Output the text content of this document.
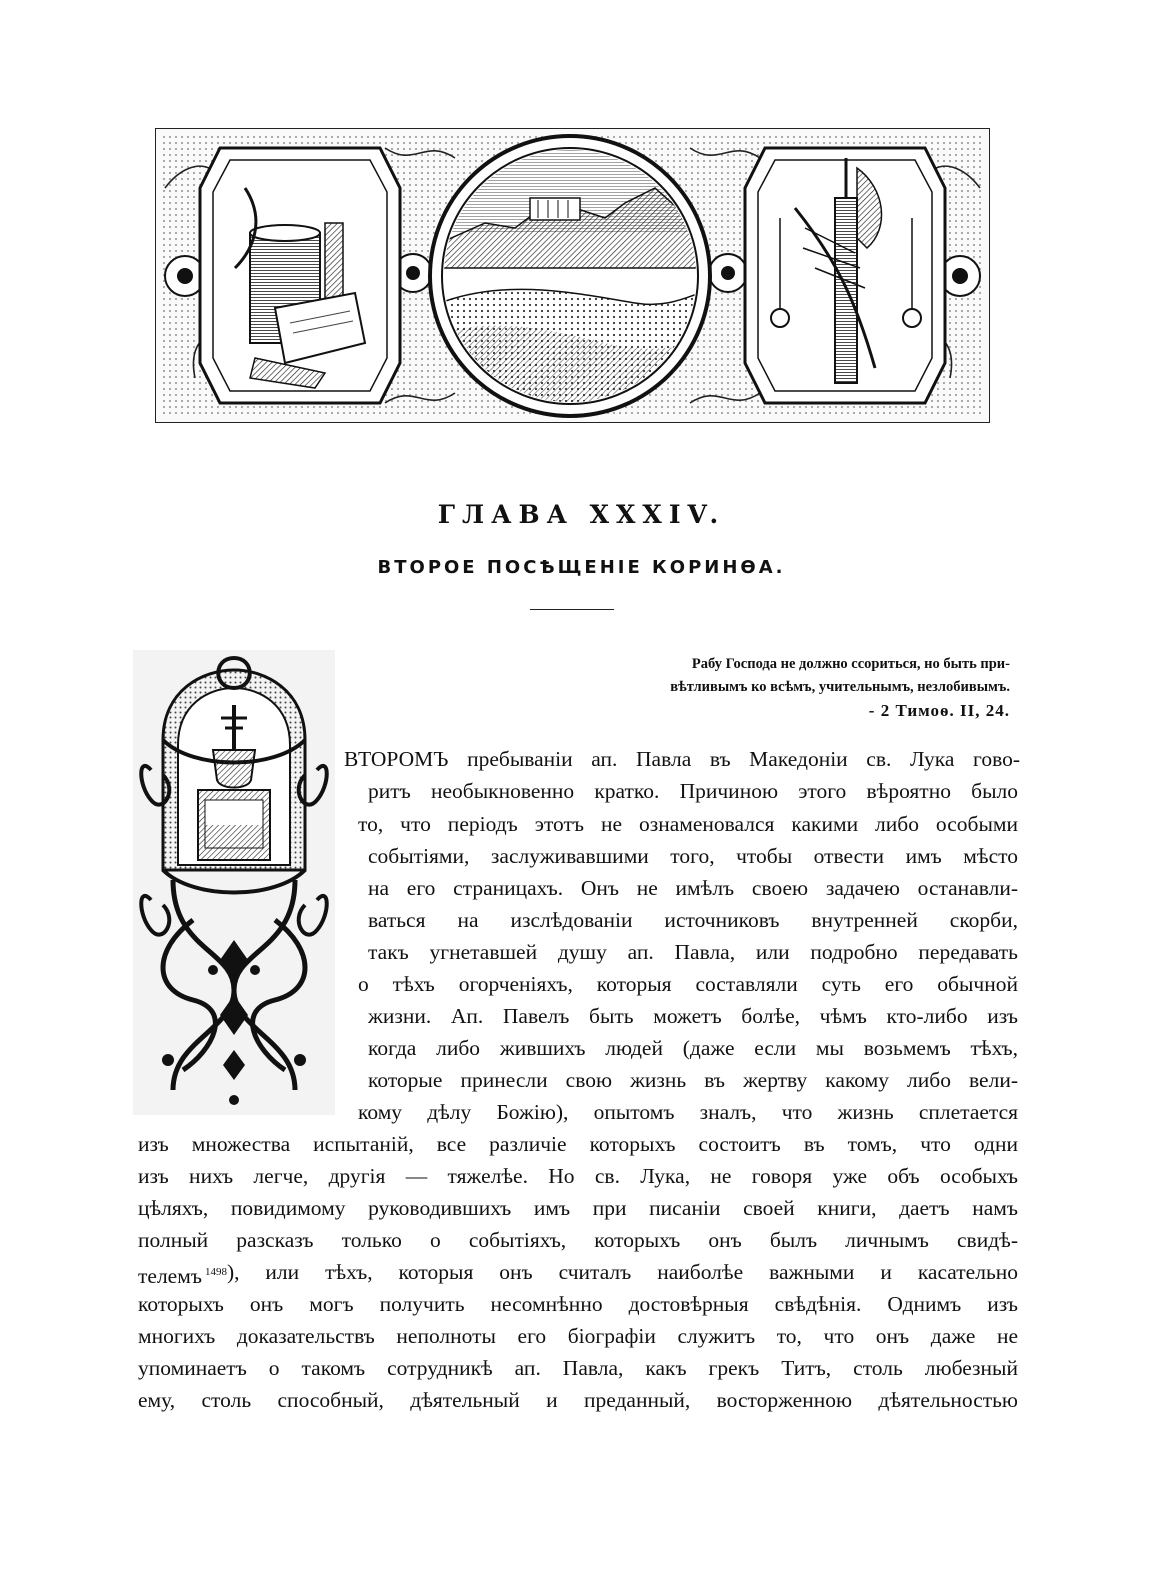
ГЛАВА XXXIV.
ВТОРОЕ ПОСѢЩЕНІЕ КОРИНѲА.
Рабу Господа не должно ссориться, но быть при-
вѣтливымъ ко всѣмъ, учительнымъ, незлобивымъ.
- 2 Тимоѳ. II, 24.
ВТОРОМЪ пребываніи ап. Павла въ Македоніи св. Лука гово-
ритъ необыкновенно кратко. Причиною этого вѣроятно было
то, что періодъ этотъ не ознаменовался какими либо особыми
событіями, заслуживавшими того, чтобы отвести имъ мѣсто
на его страницахъ. Онъ не имѣлъ своею задачею останавли-
ваться на изслѣдованіи источниковъ внутренней скорби,
такъ угнетавшей душу ап. Павла, или подробно передавать
о тѣхъ огорченіяхъ, которыя составляли суть его обычной
жизни. Ап. Павелъ быть можетъ болѣе, чѣмъ кто-либо изъ
когда либо жившихъ людей (даже если мы возьмемъ тѣхъ,
которые принесли свою жизнь въ жертву какому либо вели-
кому дѣлу Божію), опытомъ зналъ, что жизнь сплетается
изъ множества испытаній, все различіе которыхъ состоитъ въ томъ, что одни
изъ нихъ легче, другія — тяжелѣе. Но св. Лука, не говоря уже объ особыхъ
цѣляхъ, повидимому руководившихъ имъ при писаніи своей книги, даетъ намъ
полный разсказъ только о событіяхъ, которыхъ онъ былъ личнымъ свидѣ-
телемъ $^{1498}$ ), или тѣхъ, которыя онъ считалъ наиболѣе важными и касательно
которыхъ онъ могъ получить несомнѣнно достовѣрныя свѣдѣнія. Однимъ изъ
многихъ доказательствъ неполноты его біографіи служитъ то, что онъ даже не
упоминаетъ о такомъ сотрудникѣ ап. Павла, какъ грекъ Титъ, столь любезный
ему, столь способный, дѣятельный и преданный, восторженною дѣятельностью
